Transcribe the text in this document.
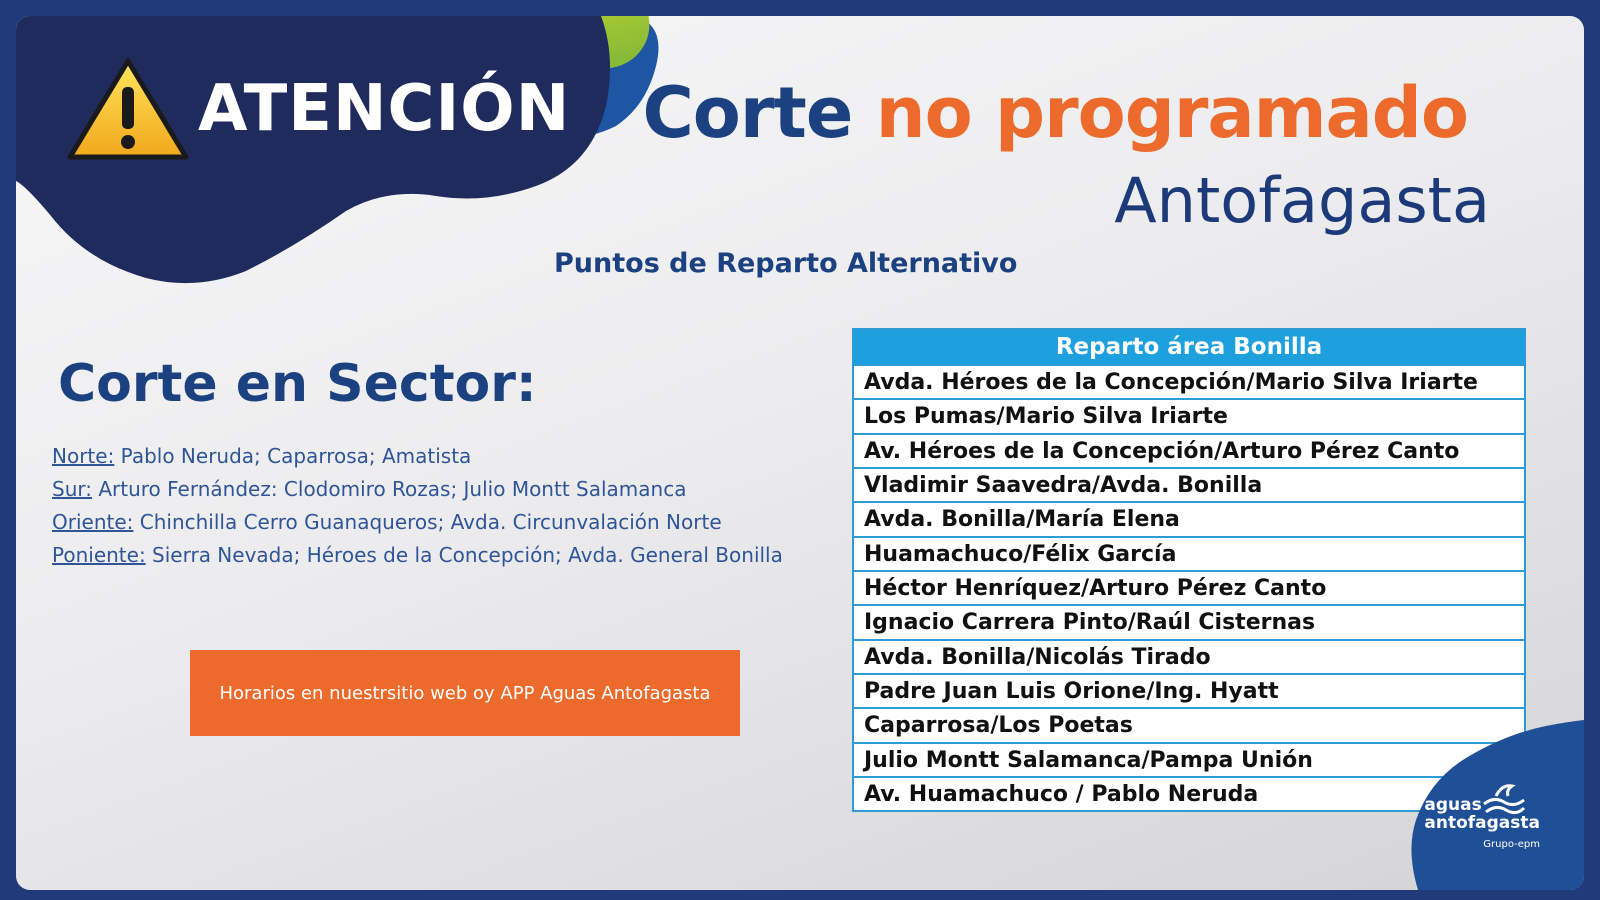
ATENCIÓN Corte no programado
Antofagasta
Puntos de Reparto Alternativo
Corte en Sector:
Norte: Pablo Neruda; Caparrosa; Amatista
Sur: Arturo Fernández: Clodomiro Rozas; Julio Montt Salamanca
Oriente: Chinchilla Cerro Guanaqueros; Avda. Circunvalación Norte
Poniente: Sierra Nevada; Héroes de la Concepción; Avda. General Bonilla
Horarios en nuestrsitio web oy APP Aguas Antofagasta
Reparto área Bonilla
Avda. Héroes de la Concepción/Mario Silva Iriarte
Los Pumas/Mario Silva Iriarte
Av. Héroes de la Concepción/Arturo Pérez Canto
Vladimir Saavedra/Avda. Bonilla
Avda. Bonilla/María Elena
Huamachuco/Félix García
Héctor Henríquez/Arturo Pérez Canto
Ignacio Carrera Pinto/Raúl Cisternas
Avda. Bonilla/Nicolás Tirado
Padre Juan Luis Orione/Ing. Hyatt
Caparrosa/Los Poetas
Julio Montt Salamanca/Pampa Unión
Av. Huamachuco / Pablo Neruda	aguas
antofagasta
Grupo-epm
